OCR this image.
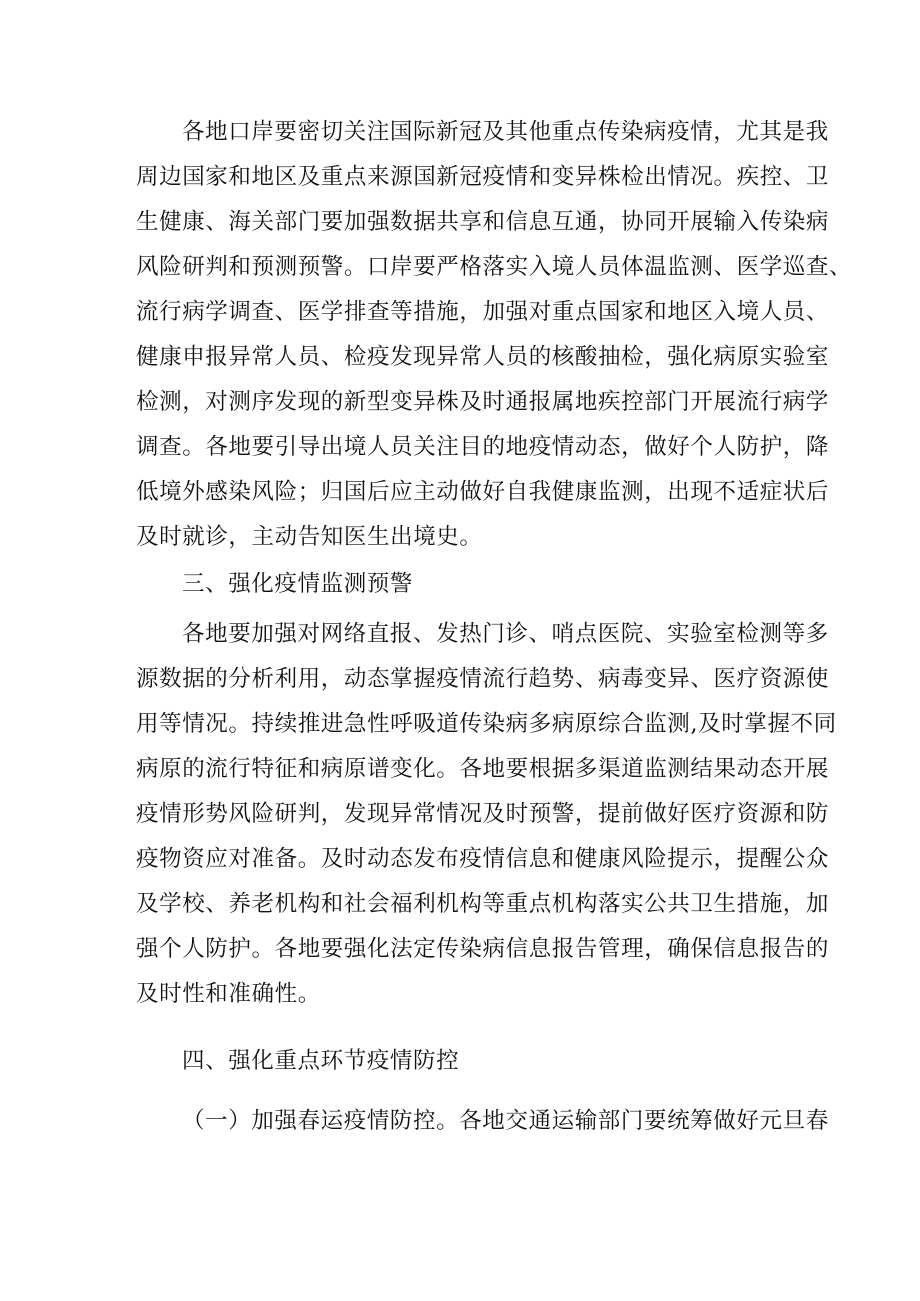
各地口岸要密切关注国际新冠及其他重点传染病疫情，尤其是我
周边国家和地区及重点来源国新冠疫情和变异株检出情况。疾控、卫
生健康、海关部门要加强数据共享和信息互通，协同开展输入传染病
风险研判和预测预警。口岸要严格落实入境人员体温监测、医学巡查、
流行病学调查、医学排查等措施，加强对重点国家和地区入境人员、
健康申报异常人员、检疫发现异常人员的核酸抽检，强化病原实验室
检测，对测序发现的新型变异株及时通报属地疾控部门开展流行病学
调查。各地要引导出境人员关注目的地疫情动态，做好个人防护，降
低境外感染风险；归国后应主动做好自我健康监测，出现不适症状后
及时就诊，主动告知医生出境史。
三、强化疫情监测预警
各地要加强对网络直报、发热门诊、哨点医院、实验室检测等多
源数据的分析利用，动态掌握疫情流行趋势、病毒变异、医疗资源使
用等情况。持续推进急性呼吸道传染病多病原综合监测,及时掌握不同
病原的流行特征和病原谱变化。各地要根据多渠道监测结果动态开展
疫情形势风险研判，发现异常情况及时预警，提前做好医疗资源和防
疫物资应对准备。及时动态发布疫情信息和健康风险提示，提醒公众
及学校、养老机构和社会福利机构等重点机构落实公共卫生措施，加
强个人防护。各地要强化法定传染病信息报告管理，确保信息报告的
及时性和准确性。
四、强化重点环节疫情防控
（一）加强春运疫情防控。各地交通运输部门要统筹做好元旦春
